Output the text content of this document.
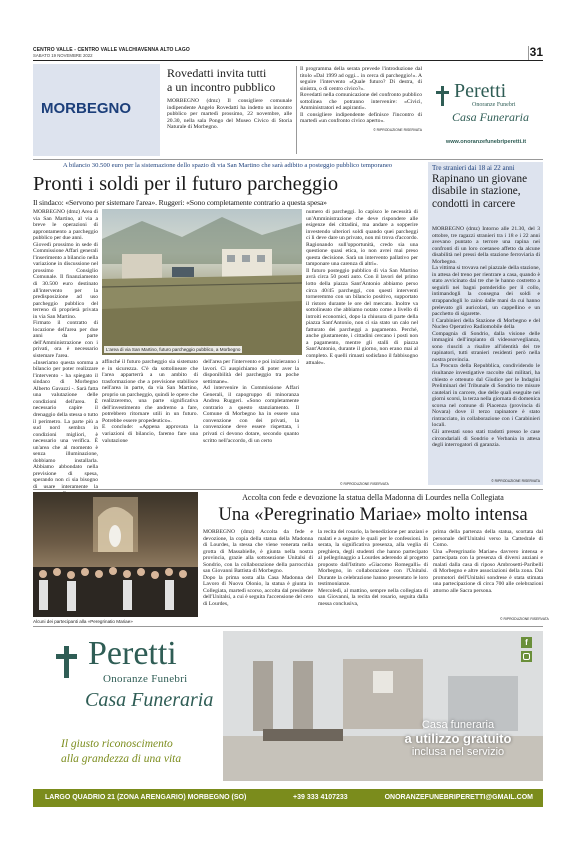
CENTRO VALLE - CENTRO VALLE VALCHIAVENNA ALTO LAGO
SABATO 19 NOVEMBRE 2022	31
MORBEGNO
Rovedatti invita tutti
a un incontro pubblico

MORBEGNO (dmz) Il consigliere comunale indipendente Angelo Rovedatti ha indetto un incontro pubblico per martedì prossimo, 22 novembre, alle 20.30, nella sala Pongo del Museo Civico di Storia Naturale di Morbegno.

Il programma della serata prevede l'introduzione dal titolo «Dal 1999 ad oggi... in cerca di parcheggio!». A seguire l'intervento «Quale futuro? Di destra, di sinistra, o di centro civico?».

Rovedatti nella comunicazione del confronto pubblico sottolinea che potranno intervenire: «Civici, Amministratori ed aspiranti».

Il consigliere indipendente definisce l'incontro di martedì «un confronto civico aperto».

© RIPRODUZIONE RISERVATA

Peretti
Onoranze Funebri
Casa Funeraria
www.onoranzefunebriperetti.it
A bilancio 30.500 euro per la sistemazione dello spazio di via San Martino che sarà adibito a posteggio pubblico temporaneo
Pronti i soldi per il futuro parcheggio
Il sindaco: «Servono per sistemare l'area». Ruggeri: «Sono completamente contrario a questa spesa»

MORBEGNO (dmz) Area di via San Martino, al via a breve le operazioni di approntamento a parcheggio pubblico per due anni.

Giovedì prossimo in sede di Commissione Affari generali l'inserimento a bilancio nella variazione in discussione nel prossimo Consiglio Comunale. Il finanziamento di 30.500 euro destinato all'intervento per la predisposizione ad uso parcheggio pubblico del terreno di proprietà privata in via San Martino.

Firmato il contratto di locazione dell'area per due anni da parte dell'Amministrazione con i privati, ora è necessario sistemare l'area.

«Inseriamo questa somma a bilancio per poter realizzare l'intervento - ha spiegato il sindaco di Morbegno Alberto Gavazzi -. Sarà fatta una valutazione delle condizioni dell'area. È necessario capire il drenaggio della stessa o tutto il perimetro. La parte più a sud nord sembra in condizioni migliori, è necessario una verifica. È un'area che al momento è senza illuminazione, dobbiamo installarla. Abbiamo abbondato nella previsione di spesa, sperando non ci sia bisogno di usare interamente la

L'area di via San Martino, futuro parcheggio pubblico, a Morbegno

affinché il futuro parcheggio sia sistemato e in sicurezza. C'è da sottolineare che l'area apparterrà a un ambito di trasformazione che a previsione stabilisce nell'area in parte, da via San Martino, proprio un parcheggio, quindi le opere che realizzeremo, una parte significativa dell'investimento che andremo a fare, potrebbero ritornare utili in un futuro. Potrebbe essere propedeutico».

E conclude: «Appena approvata la variazioni di bilancio, faremo fare una valutazione

dell'area per l'intervento e poi inizieranno i lavori. Ci auspichiamo di poter aver la disponibilità del parcheggio tra poche settimane».

Ad intervenire in Commissione Affari Generali, il capogruppo di minoranza Andrea Ruggeri. «Sono completamente contrario a questo stanziamento. Il Comune di Morbegno ha in essere una convenzione con dei privati, la convenzione deve essere rispettata, i privati ci devono dotare, secondo quanto scritto nell'accordo, di un certo

numero di parcheggi. Io capisco le necessità di un'Amministrazione che deve rispondere alle esigenze dei cittadini, ma andare a sopperire investendo ulteriori soldi quando quei parcheggi ci li deve dare un privato, non mi trova d'accordo. Ragionando sull'opportunità, credo sia una questione quasi etica, io non avrei mai preso questa decisione. Sarà un intervento pallativo per tamponare una carenza di altri».

Il futuro posteggio pubblico di via San Martino avrà circa 50 posti auto. Con il lavori del primo lotto della piazza Sant'Antonio abbiamo perso circa 40/45 parcheggi, con questi interventi torneremmo con un bilancio positivo, supportato il ristoro durante le ore del mercato. Inoltre va sottolineato che abbiamo notato come a livello di introiti economici, dopo la chiusura di parte della piazza Sant'Antonio, non ci sia stato un calo nel fatturato dei parcheggi a pagamento. Perché, anche giustamente, i cittadini cercano i posti non a pagamento, mentre gli stalli di piazza Sant'Antonio, durante il giorno, non erano mai al completo. E quelli rimasti sodisfano il fabbisogno attuale».

© RIPRODUZIONE RISERVATA
Tre stranieri dai 18 ai 22 anni
Rapinano un giovane disabile in stazione, condotti in carcere

MORBEGNO (dmz) Intorno alle 21.30, del 3 ottobre, tre ragazzi stranieri tra i 18 e i 22 anni avevano puntato a terrore una rapina nei confronti di un loro coetaneo affetto da alcune disabilità nel pressi della stazione ferroviaria di Morbegno.

La vittima si trovava nel piazzale della stazione, in attesa del treno per rientrare a casa, quando è stato avvicinato dai tre che le hanno costretto a seguirli nei bagni pomderidio per il collo, intimandogli la consegna dei soldi e strappandogli lo zaino dalle mani da cui hanno prelevato gli auricolari, un cappellino e un pacchetto di sigarette.

I Carabinieri della Stazione di Morbegno e del Nucleo Operativo Radiomobile della

Compagnia di Sondrio, dalla visione delle immagini dell'impianto di videosorveglianza, sono riusciti a risalire all'identità dei tre rapinatori, tutti stranieri residenti però nella nostra provincia.

La Procura della Repubblica, condividendo le risultanze investigative raccolte dai militari, ha chiesto e ottenuto dal Giudice per le Indagini Preliminari del Tribunale di Sondrio tre misure cautelari in carcere, due delle quali eseguite nei giorni scorsi, la terza nella giornata di domenica scorsa nel comune di Piacenza (provincia di Novara) dove il terzo rapinatore è stato rintracciato, in collaborazione con i Carabinieri locali.

Gli arrestati sono stati tradotti presso le case circondariali di Sondrio e Verbania in attesa degli interrogatori di garanzia.

© RIPRODUZIONE RISERVATA
Alcuni dei partecipanti alla «Peregrinatio Mariae»
Accolta con fede e devozione la statua della Madonna di Lourdes nella Collegiata
Una «Peregrinatio Mariae» molto intensa

MORBEGNO (dmz) Accolta da fede e devozione, la copia della statua della Madonna di Lourdes, la stessa che viene venerata nella grotta di Massabielle, è giunta nella nostra provincia, grazie alla sottosezione Unitalsi di Sondrio, con la collaborazione della parrocchia san Giovanni Battista di Morbegno.

Dopo la prima sosta alla Casa Madonna del Lavoro di Nuova Olonio, la statua è giunta in Collegiata, martedì scorso, accolta dal presidente dell'Unitalsi, a cui è seguita l'accensione del cero di Lourdes,

la recita del rosario, la benedizione per anziani e malati e a seguire le quali per le confessioni. In serata, la significativa presenza, alla veglia di preghiera, degli studenti che hanno partecipato al pellegrinaggio a Lourdes aderendo al progetto proposto dall'Istituto «Giacomo Romegalli» di Morbegno, in collaborazione con l'Unitalsi. Durante la celebrazione hanno presentato le loro testimonianze.

Mercoledì, al mattino, sempre nella collegiata di san Giovanni, la recita del rosario, seguita dalla messa conclusiva,

prima della partenza della statua, scortata dal personale dell'Unitalsi verso la Cattedrale di Como.

Una «Peregrinatio Mariae» davvero intensa e partecipata con la presenza di diversi anziani e malati dalla casa di riposo Ambrosetti-Paribelli di Morbegno e altre associazioni della zona. Dai promotori dell'Unitalsi sondrese è stata stimata una partecipazione di circa 700 alle celebrazioni attorno alle Sacra persona.

© RIPRODUZIONE RISERVATA
Peretti
Onoranze Funebri
Casa Funeraria
Il giusto riconoscimento
alla grandezza di una vita
f
Casa funeraria
a utilizzo gratuito
inclusa nel servizio
LARGO QUADRIO 21 (ZONA ARENGARIO) MORBEGNO (SO)	+39 333 4107233	ONORANZEFUNEBRIPERETTI@GMAIL.COM
